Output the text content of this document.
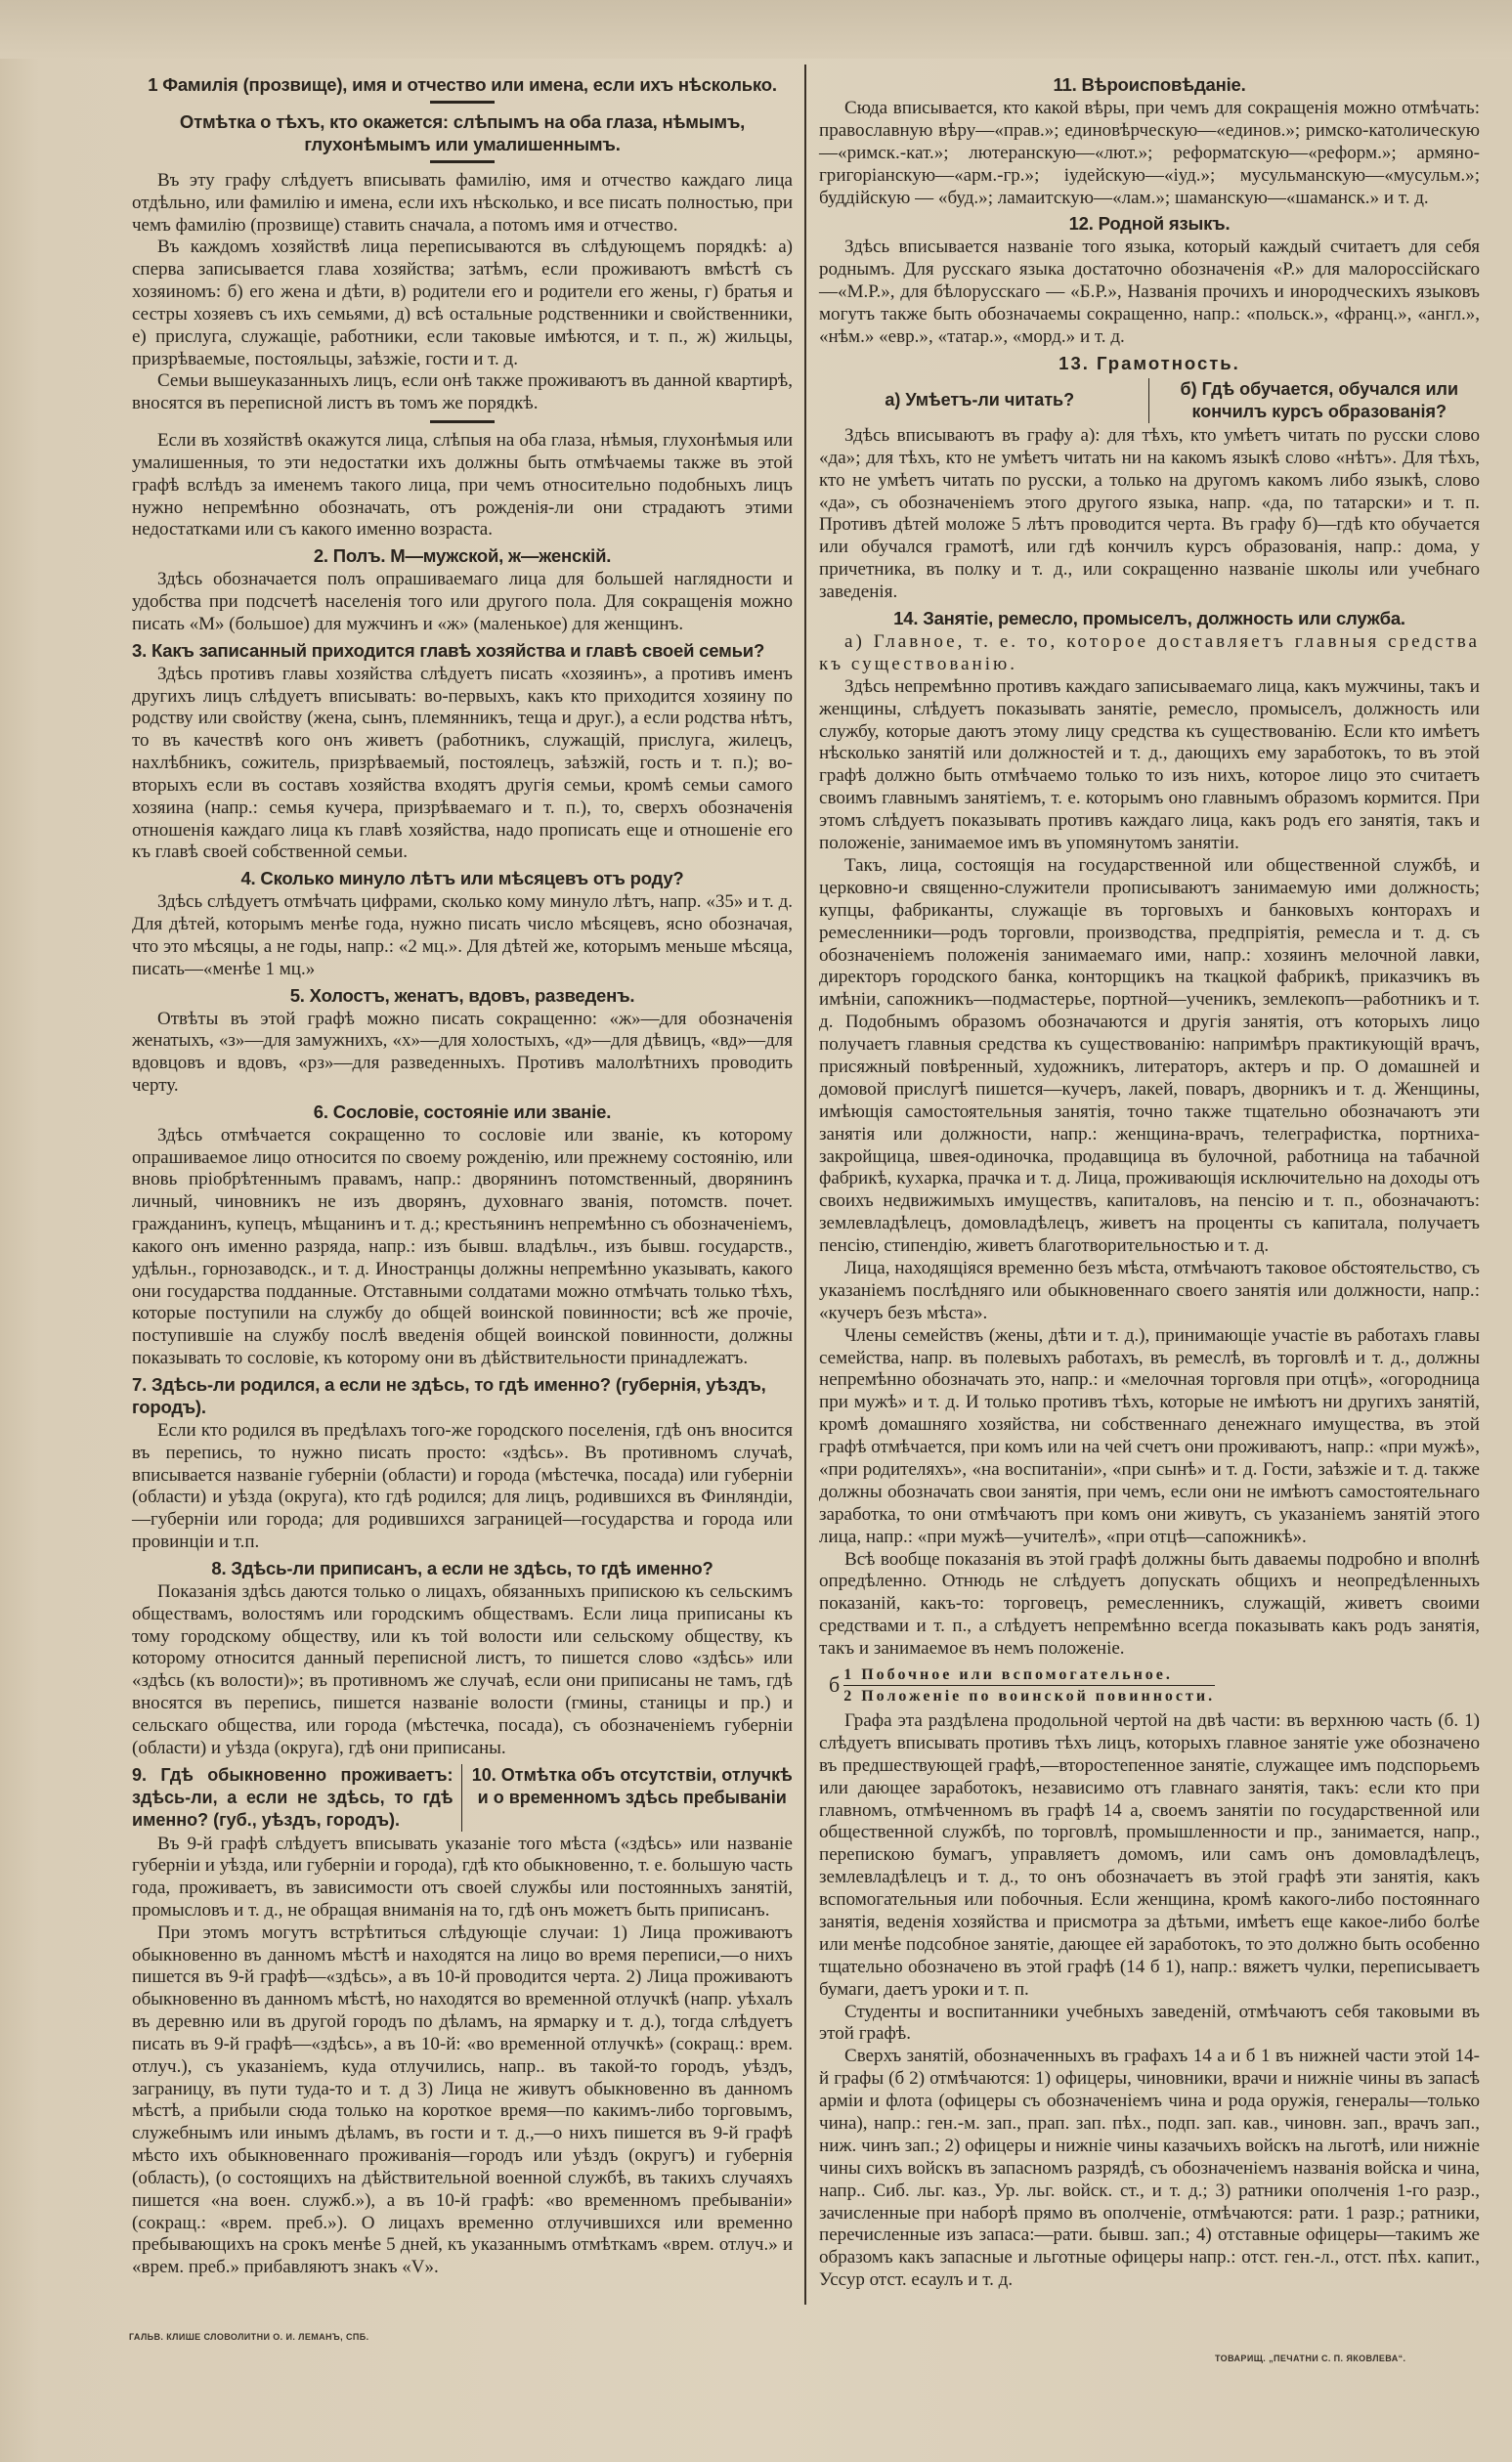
1 Фамилія (прозвище), имя и отчество или имена, если ихъ нѣсколько.
Отмѣтка о тѣхъ, кто окажется: слѣпымъ на оба глаза, нѣмымъ, глухонѣмымъ или умалишеннымъ.

Въ эту графу слѣдуетъ вписывать фамилію, имя и отчество каждаго лица отдѣльно, или фамилію и имена, если ихъ нѣсколько, и все писать полностью, при чемъ фамилію (прозвище) ставить сначала, а потомъ имя и отчество.

Въ каждомъ хозяйствѣ лица переписываются въ слѣдующемъ порядкѣ: а) сперва записывается глава хозяйства; затѣмъ, если проживаютъ вмѣстѣ съ хозяиномъ: б) его жена и дѣти, в) родители его и родители его жены, г) братья и сестры хозяевъ съ ихъ семьями, д) всѣ остальные родственники и свойственники, е) прислуга, служащіе, работники, если таковые имѣются, и т. п., ж) жильцы, призрѣваемые, постояльцы, заѣзжіе, гости и т. д.

Семьи вышеуказанныхъ лицъ, если онѣ также проживаютъ въ данной квартирѣ, вносятся въ переписной листъ въ томъ же порядкѣ.

Если въ хозяйствѣ окажутся лица, слѣпыя на оба глаза, нѣмыя, глухонѣмыя или умалишенныя, то эти недостатки ихъ должны быть отмѣчаемы также въ этой графѣ вслѣдъ за именемъ такого лица, при чемъ относительно подобныхъ лицъ нужно непремѣнно обозначать, отъ рожденія-ли они страдаютъ этими недостатками или съ какого именно возраста.

2. Полъ. М—мужской, ж—женскій.

Здѣсь обозначается полъ опрашиваемаго лица для большей наглядности и удобства при подсчетѣ населенія того или другого пола. Для сокращенія можно писать «М» (большое) для мужчинъ и «ж» (маленькое) для женщинъ.

3. Какъ записанный приходится главѣ хозяйства и главѣ своей семьи?

Здѣсь противъ главы хозяйства слѣдуетъ писать «хозяинъ», а противъ именъ другихъ лицъ слѣдуетъ вписывать: во-первыхъ, какъ кто приходится хозяину по родству или свойству (жена, сынъ, племянникъ, теща и друг.), а если родства нѣтъ, то въ качествѣ кого онъ живетъ (работникъ, служащій, прислуга, жилецъ, нахлѣбникъ, сожитель, призрѣваемый, постоялецъ, заѣзжій, гость и т. п.); во-вторыхъ если въ составъ хозяйства входятъ другія семьи, кромѣ семьи самого хозяина (напр.: семья кучера, призрѣваемаго и т. п.), то, сверхъ обозначенія отношенія каждаго лица къ главѣ хозяйства, надо прописать еще и отношеніе его къ главѣ своей собственной семьи.

4. Сколько минуло лѣтъ или мѣсяцевъ отъ роду?

Здѣсь слѣдуетъ отмѣчать цифрами, сколько кому минуло лѣтъ, напр. «35» и т. д. Для дѣтей, которымъ менѣе года, нужно писать число мѣсяцевъ, ясно обозначая, что это мѣсяцы, а не годы, напр.: «2 мц.». Для дѣтей же, которымъ меньше мѣсяца, писать—«менѣе 1 мц.»

5. Холостъ, женатъ, вдовъ, разведенъ.

Отвѣты въ этой графѣ можно писать сокращенно: «ж»—для обозначенія женатыхъ, «з»—для замужнихъ, «х»—для холостыхъ, «д»—для дѣвицъ, «вд»—для вдовцовъ и вдовъ, «рз»—для разведенныхъ. Противъ малолѣтнихъ проводить черту.

6. Сословіе, состояніе или званіе.

Здѣсь отмѣчается сокращенно то сословіе или званіе, къ которому опрашиваемое лицо относится по своему рожденію, или прежнему состоянію, или вновь пріобрѣтеннымъ правамъ, напр.: дворянинъ потомственный, дворянинъ личный, чиновникъ не изъ дворянъ, духовнаго званія, потомств. почет. гражданинъ, купецъ, мѣщанинъ и т. д.; крестьянинъ непремѣнно съ обозначеніемъ, какого онъ именно разряда, напр.: изъ бывш. владѣльч., изъ бывш. государств., удѣльн., горнозаводск., и т. д. Иностранцы должны непремѣнно указывать, какого они государства подданные. Отставными солдатами можно отмѣчать только тѣхъ, которые поступили на службу до общей воинской повинности; всѣ же прочіе, поступившіе на службу послѣ введенія общей воинской повинности, должны показывать то сословіе, къ которому они въ дѣйствительности принадлежатъ.

7. Здѣсь-ли родился, а если не здѣсь, то гдѣ именно? (губернія, уѣздъ, городъ).

Если кто родился въ предѣлахъ того-же городского поселенія, гдѣ онъ вносится въ перепись, то нужно писать просто: «здѣсь». Въ противномъ случаѣ, вписывается названіе губерніи (области) и города (мѣстечка, посада) или губерніи (области) и уѣзда (округа), кто гдѣ родился; для лицъ, родившихся въ Финляндіи,—губерніи или города; для родившихся заграницей—государства и города или провинціи и т.п.

8. Здѣсь-ли приписанъ, а если не здѣсь, то гдѣ именно?

Показанія здѣсь даются только о лицахъ, обязанныхъ припискою къ сельскимъ обществамъ, волостямъ или городскимъ обществамъ. Если лица приписаны къ тому городскому обществу, или къ той волости или сельскому обществу, къ которому относится данный переписной листъ, то пишется слово «здѣсь» или «здѣсь (къ волости)»; въ противномъ же случаѣ, если они приписаны не тамъ, гдѣ вносятся въ перепись, пишется названіе волости (гмины, станицы и пр.) и сельскаго общества, или города (мѣстечка, посада), съ обозначеніемъ губерніи (области) и уѣзда (округа), гдѣ они приписаны.

9. Гдѣ обыкновенно проживаетъ: здѣсь-ли, а если не здѣсь, то гдѣ именно? (губ., уѣздъ, городъ).
10. Отмѣтка объ отсутствіи, отлучкѣ и о временномъ здѣсь пребываніи

Въ 9-й графѣ слѣдуетъ вписывать указаніе того мѣста («здѣсь» или названіе губерніи и уѣзда, или губерніи и города), гдѣ кто обыкновенно, т. е. большую часть года, проживаетъ, въ зависимости отъ своей службы или постоянныхъ занятій, промысловъ и т. д., не обращая вниманія на то, гдѣ онъ можетъ быть приписанъ.

При этомъ могутъ встрѣтиться слѣдующіе случаи: 1) Лица проживаютъ обыкновенно въ данномъ мѣстѣ и находятся на лицо во время переписи,—о нихъ пишется въ 9-й графѣ—«здѣсь», а въ 10-й проводится черта. 2) Лица проживаютъ обыкновенно въ данномъ мѣстѣ, но находятся во временной отлучкѣ (напр. уѣхалъ въ деревню или въ другой городъ по дѣламъ, на ярмарку и т. д.), тогда слѣдуетъ писать въ 9-й графѣ—«здѣсь», а въ 10-й: «во временной отлучкѣ» (сокращ.: врем. отлуч.), съ указаніемъ, куда отлучились, напр.. въ такой-то городъ, уѣздъ, заграницу, въ пути туда-то и т. д 3) Лица не живутъ обыкновенно въ данномъ мѣстѣ, а прибыли сюда только на короткое время—по какимъ-либо торговымъ, служебнымъ или инымъ дѣламъ, въ гости и т. д.,—о нихъ пишется въ 9-й графѣ мѣсто ихъ обыкновеннаго проживанія—городъ или уѣздъ (округъ) и губернія (область), (о состоящихъ на дѣйствительной военной службѣ, въ такихъ случаяхъ пишется «на воен. служб.»), а въ 10-й графѣ: «во временномъ пребываніи» (сокращ.: «врем. преб.»). О лицахъ временно отлучившихся или временно пребывающихъ на срокъ менѣе 5 дней, къ указаннымъ отмѣткамъ «врем. отлуч.» и «врем. преб.» прибавляютъ знакъ «V».

11. Вѣроисповѣданіе.

Сюда вписывается, кто какой вѣры, при чемъ для сокращенія можно отмѣчать: православную вѣру—«прав.»; единовѣрческую—«единов.»; римско-католическую—«римск.-кат.»; лютеранскую—«лют.»; реформатскую—«реформ.»; армяно-григоріанскую—«арм.-гр.»; іудейскую—«іуд.»; мусульманскую—«мусульм.»; буддійскую — «буд.»; ламаитскую—«лам.»; шаманскую—«шаманск.» и т. д.

12. Родной языкъ.

Здѣсь вписывается названіе того языка, который каждый считаетъ для себя роднымъ. Для русскаго языка достаточно обозначенія «Р.» для малороссійскаго—«М.Р.», для бѣлорусскаго — «Б.Р.», Названія прочихъ и инородческихъ языковъ могутъ также быть обозначаемы сокращенно, напр.: «польск.», «франц.», «англ.», «нѣм.» «евр.», «татар.», «морд.» и т. д.

13. Грамотность.
а) Умѣетъ-ли читать?
б) Гдѣ обучается, обучался или кончилъ курсъ образованія?

Здѣсь вписываютъ въ графу а): для тѣхъ, кто умѣетъ читать по русски слово «да»; для тѣхъ, кто не умѣетъ читать ни на какомъ языкѣ слово «нѣтъ». Для тѣхъ, кто не умѣетъ читать по русски, а только на другомъ какомъ либо языкѣ, слово «да», съ обозначеніемъ этого другого языка, напр. «да, по татарски» и т. п. Противъ дѣтей моложе 5 лѣтъ проводится черта. Въ графу б)—гдѣ кто обучается или обучался грамотѣ, или гдѣ кончилъ курсъ образованія, напр.: дома, у причетника, въ полку и т. д., или сокращенно названіе школы или учебнаго заведенія.

14. Занятіе, ремесло, промыселъ, должность или служба.

а) Главное, т. е. то, которое доставляетъ главныя средства къ существованію.

Здѣсь непремѣнно противъ каждаго записываемаго лица, какъ мужчины, такъ и женщины, слѣдуетъ показывать занятіе, ремесло, промыселъ, должность или службу, которые даютъ этому лицу средства къ существованію. Если кто имѣетъ нѣсколько занятій или должностей и т. д., дающихъ ему заработокъ, то въ этой графѣ должно быть отмѣчаемо только то изъ нихъ, которое лицо это считаетъ своимъ главнымъ занятіемъ, т. е. которымъ оно главнымъ образомъ кормится. При этомъ слѣдуетъ показывать противъ каждаго лица, какъ родъ его занятія, такъ и положеніе, занимаемое имъ въ упомянутомъ занятіи.

Такъ, лица, состоящія на государственной или общественной службѣ, и церковно-и священно-служители прописываютъ занимаемую ими должность; купцы, фабриканты, служащіе въ торговыхъ и банковыхъ конторахъ и ремесленники—родъ торговли, производства, предпріятія, ремесла и т. д. съ обозначеніемъ положенія занимаемаго ими, напр.: хозяинъ мелочной лавки, директоръ городского банка, конторщикъ на ткацкой фабрикѣ, приказчикъ въ имѣніи, сапожникъ—подмастерье, портной—ученикъ, землекопъ—работникъ и т. д. Подобнымъ образомъ обозначаются и другія занятія, отъ которыхъ лицо получаетъ главныя средства къ существованію: напримѣръ практикующій врачъ, присяжный повѣренный, художникъ, литераторъ, актеръ и пр. О домашней и домовой прислугѣ пишется—кучеръ, лакей, поваръ, дворникъ и т. д. Женщины, имѣющія самостоятельныя занятія, точно также тщательно обозначаютъ эти занятія или должности, напр.: женщина-врачъ, телеграфистка, портниха-закройщица, швея-одиночка, продавщица въ булочной, работница на табачной фабрикѣ, кухарка, прачка и т. д. Лица, проживающія исключительно на доходы отъ своихъ недвижимыхъ имуществъ, капиталовъ, на пенсію и т. п., обозначаютъ: землевладѣлецъ, домовладѣлецъ, живетъ на проценты съ капитала, получаетъ пенсію, стипендію, живетъ благотворительностью и т. д.

Лица, находящіяся временно безъ мѣста, отмѣчаютъ таковое обстоятельство, съ указаніемъ послѣдняго или обыкновеннаго своего занятія или должности, напр.: «кучеръ безъ мѣста».

Члены семействъ (жены, дѣти и т. д.), принимающіе участіе въ работахъ главы семейства, напр. въ полевыхъ работахъ, въ ремеслѣ, въ торговлѣ и т. д., должны непремѣнно обозначать это, напр.: и «мелочная торговля при отцѣ», «огородница при мужѣ» и т. д. И только противъ тѣхъ, которые не имѣютъ ни другихъ занятій, кромѣ домашняго хозяйства, ни собственнаго денежнаго имущества, въ этой графѣ отмѣчается, при комъ или на чей счетъ они проживаютъ, напр.: «при мужѣ», «при родителяхъ», «на воспитаніи», «при сынѣ» и т. д. Гости, заѣзжіе и т. д. также должны обозначать свои занятія, при чемъ, если они не имѣютъ самостоятельнаго заработка, то они отмѣчаютъ при комъ они живутъ, съ указаніемъ занятій этого лица, напр.: «при мужѣ—учителѣ», «при отцѣ—сапожникѣ».

Всѣ вообще показанія въ этой графѣ должны быть даваемы подробно и вполнѣ опредѣленно. Отнюдь не слѣдуетъ допускать общихъ и неопредѣленныхъ показаній, какъ-то: торговецъ, ремесленникъ, служащій, живетъ своими средствами и т. п., а слѣдуетъ непремѣнно всегда показывать какъ родъ занятія, такъ и занимаемое въ немъ положеніе.

б 1 Побочное или вспомогательное.
2 Положеніе по воинской повинности.

Графа эта раздѣлена продольной чертой на двѣ части: въ верхнюю часть (б. 1) слѣдуетъ вписывать противъ тѣхъ лицъ, которыхъ главное занятіе уже обозначено въ предшествующей графѣ,—второстепенное занятіе, служащее имъ подспорьемъ или дающее заработокъ, независимо отъ главнаго занятія, такъ: если кто при главномъ, отмѣченномъ въ графѣ 14 а, своемъ занятіи по государственной или общественной службѣ, по торговлѣ, промышленности и пр., занимается, напр., перепискою бумагъ, управляетъ домомъ, или самъ онъ домовладѣлецъ, землевладѣлецъ и т. д., то онъ обозначаетъ въ этой графѣ эти занятія, какъ вспомогательныя или побочныя. Если женщина, кромѣ какого-либо постояннаго занятія, веденія хозяйства и присмотра за дѣтьми, имѣетъ еще какое-либо болѣе или менѣе подсобное занятіе, дающее ей заработокъ, то это должно быть особенно тщательно обозначено въ этой графѣ (14 б 1), напр.: вяжетъ чулки, переписываетъ бумаги, даетъ уроки и т. п.

Студенты и воспитанники учебныхъ заведеній, отмѣчаютъ себя таковыми въ этой графѣ.

Сверхъ занятій, обозначенныхъ въ графахъ 14 а и б 1 въ нижней части этой 14-й графы (б 2) отмѣчаются: 1) офицеры, чиновники, врачи и нижніе чины въ запасѣ арміи и флота (офицеры съ обозначеніемъ чина и рода оружія, генералы—только чина), напр.: ген.-м. зап., прап. зап. пѣх., подп. зап. кав., чиновн. зап., врачъ зап., ниж. чинъ зап.; 2) офицеры и нижніе чины казачьихъ войскъ на льготѣ, или нижніе чины сихъ войскъ въ запасномъ разрядѣ, съ обозначеніемъ названія войска и чина, напр.. Сиб. льг. каз., Ур. льг. войск. ст., и т. д.; 3) ратники ополченія 1-го разр., зачисленные при наборѣ прямо въ ополченіе, отмѣчаются: рати. 1 разр.; ратники, перечисленные изъ запаса:—рати. бывш. зап.; 4) отставные офицеры—такимъ же образомъ какъ запасные и льготные офицеры напр.: отст. ген.-л., отст. пѣх. капит., Уссур отст. есаулъ и т. д.

ГАЛЬВ. КЛИШЕ СЛОВОЛИТНИ О. И. ЛЕМАНЪ, СПБ.
ТОВАРИЩ. „ПЕЧАТНИ С. П. ЯКОВЛЕВА“.
